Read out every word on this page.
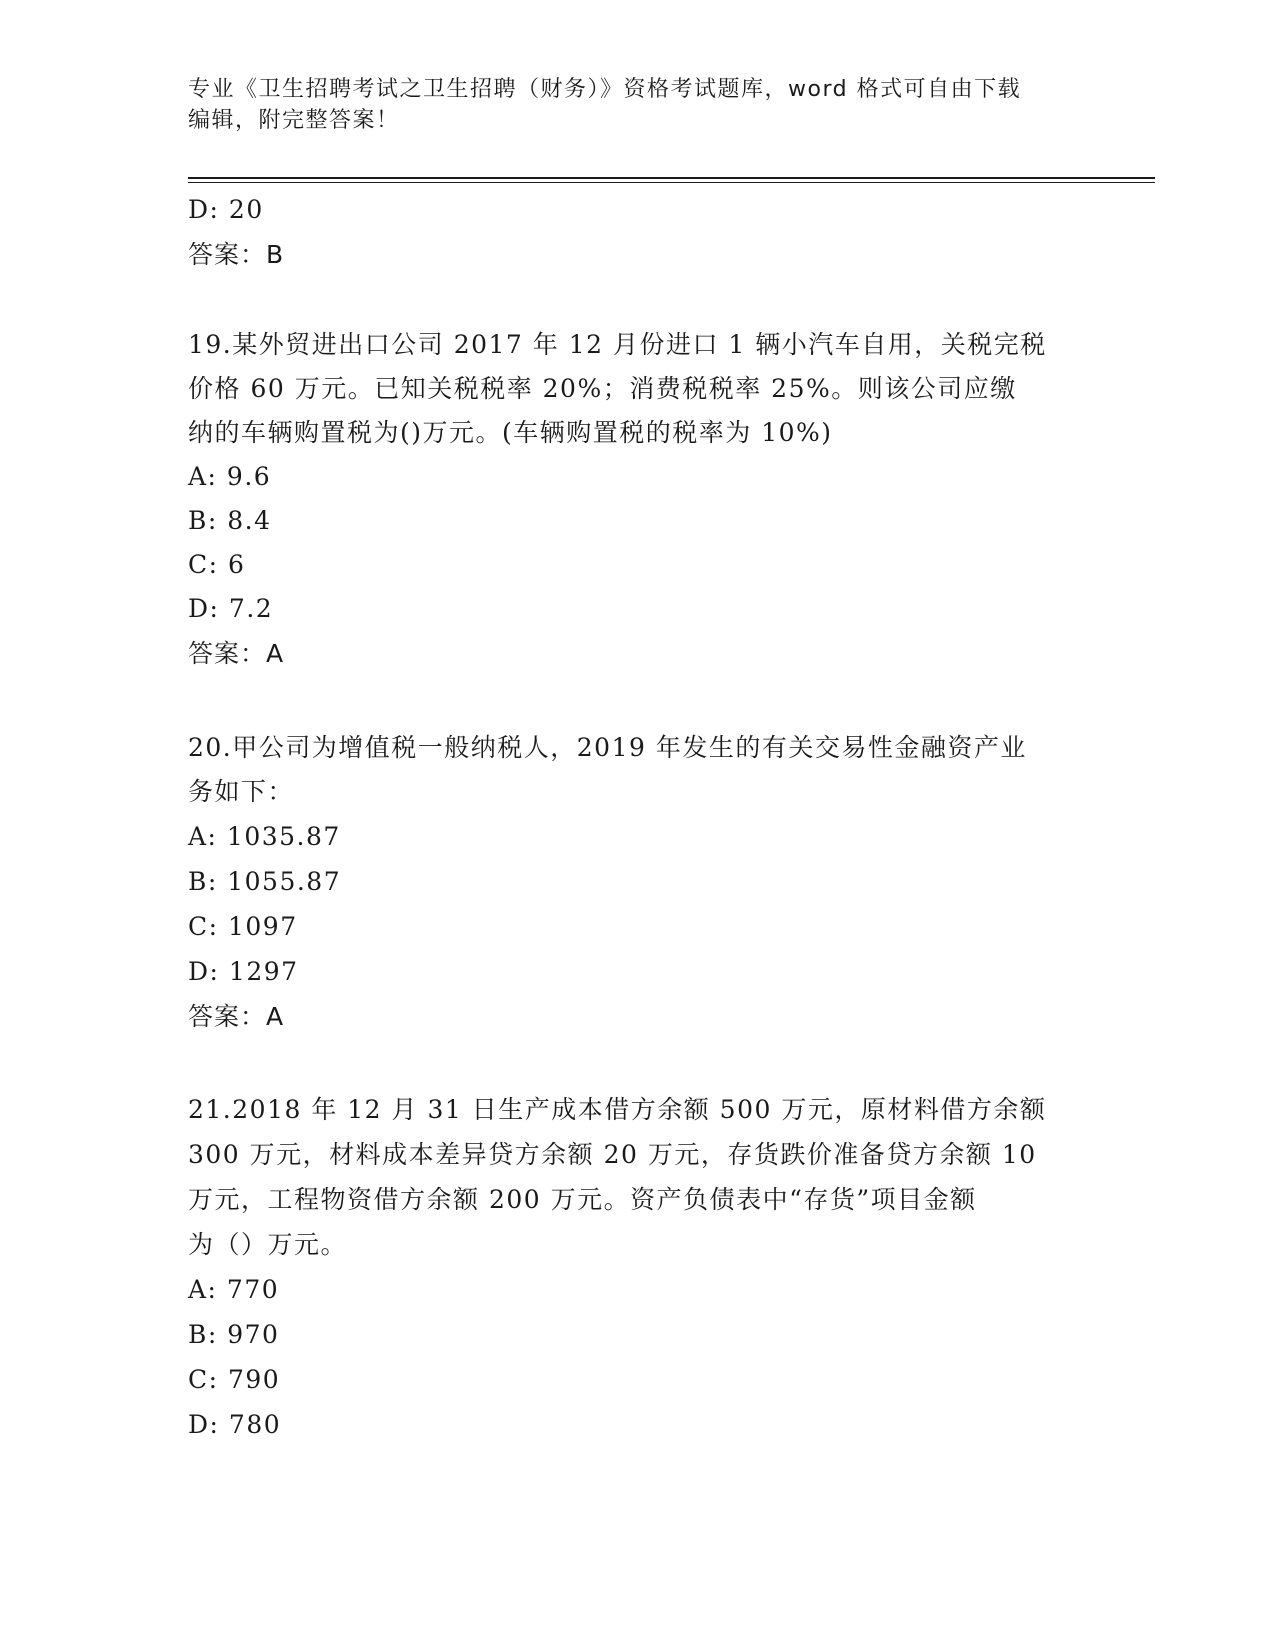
专业《卫生招聘考试之卫生招聘（财务）》资格考试题库，word 格式可自由下载
编辑，附完整答案！
D: 20
答案：B
19.某外贸进出口公司 2017 年 12 月份进口 1 辆小汽车自用，关税完税
价格 60 万元。已知关税税率 20%；消费税税率 25%。则该公司应缴
纳的车辆购置税为()万元。(车辆购置税的税率为 10%)
A: 9.6
B: 8.4
C: 6
D: 7.2
答案：A
20.甲公司为增值税一般纳税人，2019 年发生的有关交易性金融资产业
务如下：
A: 1035.87
B: 1055.87
C: 1097
D: 1297
答案：A
21.2018 年 12 月 31 日生产成本借方余额 500 万元，原材料借方余额
300 万元，材料成本差异贷方余额 20 万元，存货跌价准备贷方余额 10
万元，工程物资借方余额 200 万元。资产负债表中“存货”项目金额
为（）万元。
A: 770
B: 970
C: 790
D: 780
